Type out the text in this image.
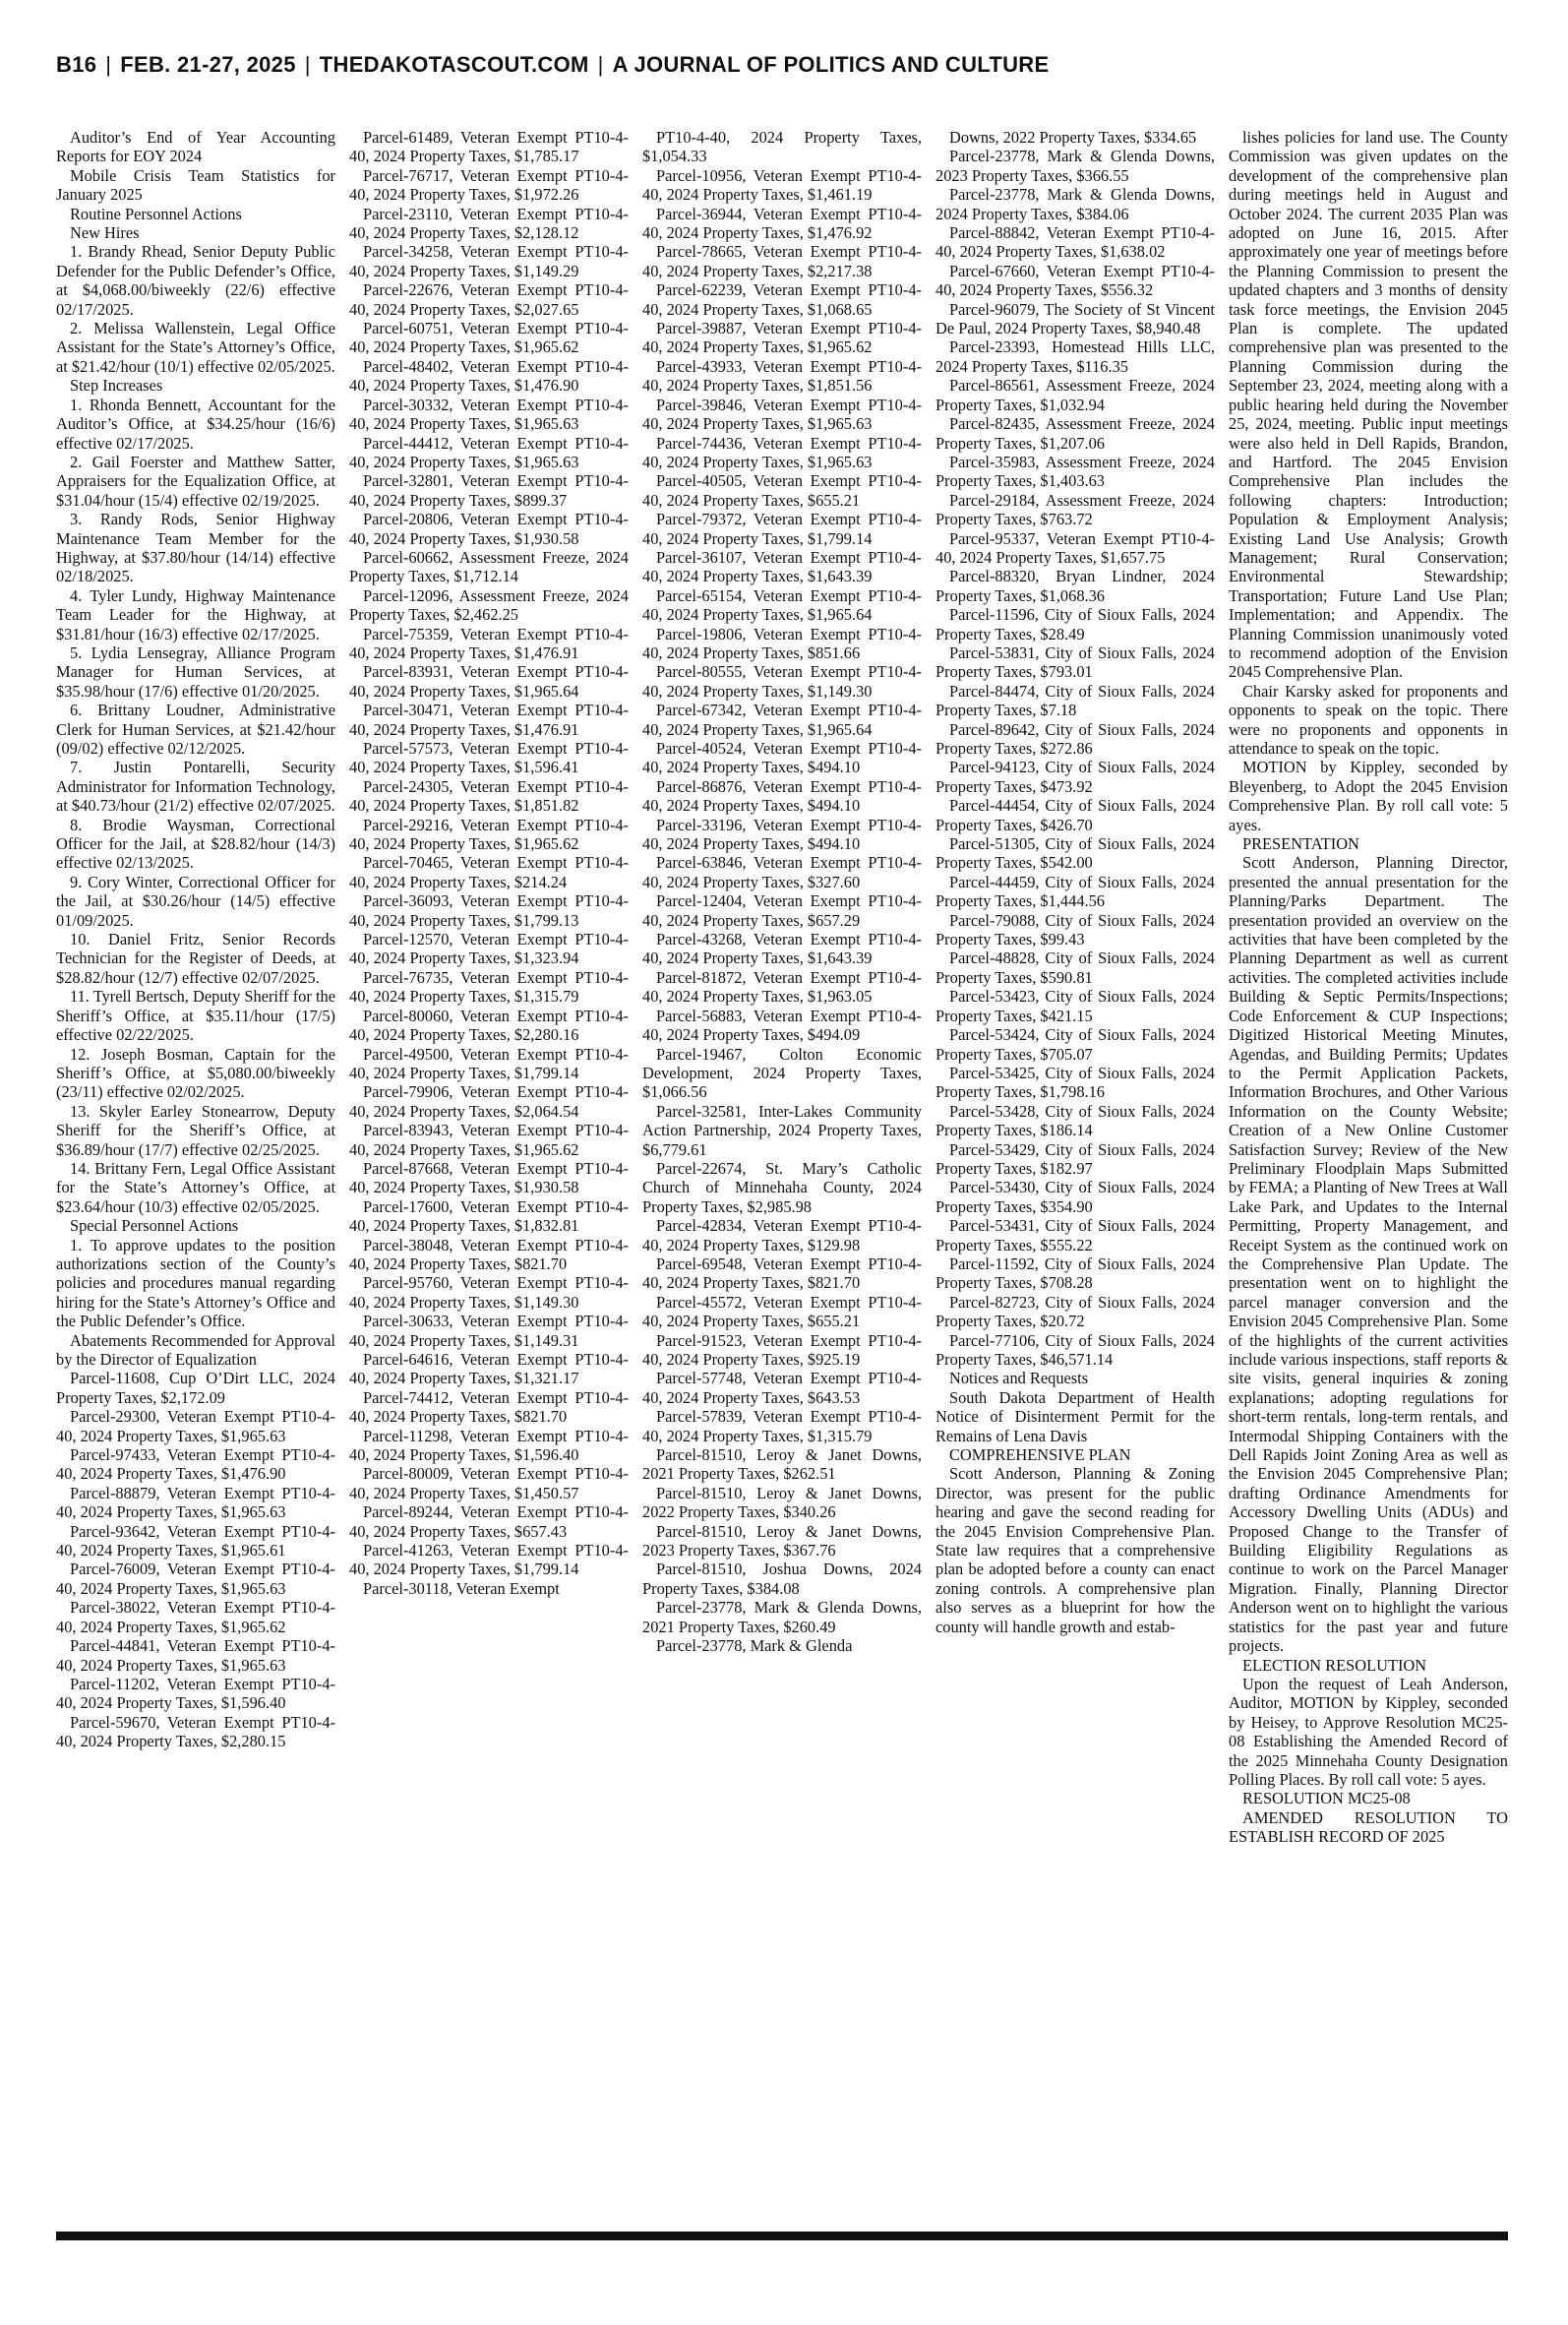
B16 | FEB. 21-27, 2025 | THEDAKOTASCOUT.COM | A JOURNAL OF POLITICS AND CULTURE

Auditor’s End of Year Accounting Reports for EOY 2024

Mobile Crisis Team Statistics for January 2025

Routine Personnel Actions

New Hires

1. Brandy Rhead, Senior Deputy Public Defender for the Public Defender’s Office, at $4,068.00/biweekly (22/6) effective 02/17/2025.

2. Melissa Wallenstein, Legal Office Assistant for the State’s Attorney’s Office, at $21.42/hour (10/1) effective 02/05/2025.

Step Increases

1. Rhonda Bennett, Accountant for the Auditor’s Office, at $34.25/hour (16/6) effective 02/17/2025.

2. Gail Foerster and Matthew Satter, Appraisers for the Equalization Office, at $31.04/hour (15/4) effective 02/19/2025.

3. Randy Rods, Senior Highway Maintenance Team Member for the Highway, at $37.80/hour (14/14) effective 02/18/2025.

4. Tyler Lundy, Highway Maintenance Team Leader for the Highway, at $31.81/hour (16/3) effective 02/17/2025.

5. Lydia Lensegray, Alliance Program Manager for Human Services, at $35.98/hour (17/6) effective 01/20/2025.

6. Brittany Loudner, Administrative Clerk for Human Services, at $21.42/hour (09/02) effective 02/12/2025.

7. Justin Pontarelli, Security Administrator for Information Technology, at $40.73/hour (21/2) effective 02/07/2025.

8. Brodie Waysman, Correctional Officer for the Jail, at $28.82/hour (14/3) effective 02/13/2025.

9. Cory Winter, Correctional Officer for the Jail, at $30.26/hour (14/5) effective 01/09/2025.

10. Daniel Fritz, Senior Records Technician for the Register of Deeds, at $28.82/hour (12/7) effective 02/07/2025.

11. Tyrell Bertsch, Deputy Sheriff for the Sheriff’s Office, at $35.11/hour (17/5) effective 02/22/2025.

12. Joseph Bosman, Captain for the Sheriff’s Office, at $5,080.00/biweekly (23/11) effective 02/02/2025.

13. Skyler Earley Stonearrow, Deputy Sheriff for the Sheriff’s Office, at $36.89/hour (17/7) effective 02/25/2025.

14. Brittany Fern, Legal Office Assistant for the State’s Attorney’s Office, at $23.64/hour (10/3) effective 02/05/2025.

Special Personnel Actions

1. To approve updates to the position authorizations section of the County’s policies and procedures manual regarding hiring for the State’s Attorney’s Office and the Public Defender’s Office.

Abatements Recommended for Approval by the Director of Equalization

Parcel-11608, Cup O’Dirt LLC, 2024 Property Taxes, $2,172.09

Parcel-29300, Veteran Exempt PT10-4-40, 2024 Property Taxes, $1,965.63

Parcel-97433, Veteran Exempt PT10-4-40, 2024 Property Taxes, $1,476.90

Parcel-88879, Veteran Exempt PT10-4-40, 2024 Property Taxes, $1,965.63

Parcel-93642, Veteran Exempt PT10-4-40, 2024 Property Taxes, $1,965.61

Parcel-76009, Veteran Exempt PT10-4-40, 2024 Property Taxes, $1,965.63

Parcel-38022, Veteran Exempt PT10-4-40, 2024 Property Taxes, $1,965.62

Parcel-44841, Veteran Exempt PT10-4-40, 2024 Property Taxes, $1,965.63

Parcel-11202, Veteran Exempt PT10-4-40, 2024 Property Taxes, $1,596.40

Parcel-59670, Veteran Exempt PT10-4-40, 2024 Property Taxes, $2,280.15

Parcel-61489, Veteran Exempt PT10-4-40, 2024 Property Taxes, $1,785.17

Parcel-76717, Veteran Exempt PT10-4-40, 2024 Property Taxes, $1,972.26

Parcel-23110, Veteran Exempt PT10-4-40, 2024 Property Taxes, $2,128.12

Parcel-34258, Veteran Exempt PT10-4-40, 2024 Property Taxes, $1,149.29

Parcel-22676, Veteran Exempt PT10-4-40, 2024 Property Taxes, $2,027.65

Parcel-60751, Veteran Exempt PT10-4-40, 2024 Property Taxes, $1,965.62

Parcel-48402, Veteran Exempt PT10-4-40, 2024 Property Taxes, $1,476.90

Parcel-30332, Veteran Exempt PT10-4-40, 2024 Property Taxes, $1,965.63

Parcel-44412, Veteran Exempt PT10-4-40, 2024 Property Taxes, $1,965.63

Parcel-32801, Veteran Exempt PT10-4-40, 2024 Property Taxes, $899.37

Parcel-20806, Veteran Exempt PT10-4-40, 2024 Property Taxes, $1,930.58

Parcel-60662, Assessment Freeze, 2024 Property Taxes, $1,712.14

Parcel-12096, Assessment Freeze, 2024 Property Taxes, $2,462.25

Parcel-75359, Veteran Exempt PT10-4-40, 2024 Property Taxes, $1,476.91

Parcel-83931, Veteran Exempt PT10-4-40, 2024 Property Taxes, $1,965.64

Parcel-30471, Veteran Exempt PT10-4-40, 2024 Property Taxes, $1,476.91

Parcel-57573, Veteran Exempt PT10-4-40, 2024 Property Taxes, $1,596.41

Parcel-24305, Veteran Exempt PT10-4-40, 2024 Property Taxes, $1,851.82

Parcel-29216, Veteran Exempt PT10-4-40, 2024 Property Taxes, $1,965.62

Parcel-70465, Veteran Exempt PT10-4-40, 2024 Property Taxes, $214.24

Parcel-36093, Veteran Exempt PT10-4-40, 2024 Property Taxes, $1,799.13

Parcel-12570, Veteran Exempt PT10-4-40, 2024 Property Taxes, $1,323.94

Parcel-76735, Veteran Exempt PT10-4-40, 2024 Property Taxes, $1,315.79

Parcel-80060, Veteran Exempt PT10-4-40, 2024 Property Taxes, $2,280.16

Parcel-49500, Veteran Exempt PT10-4-40, 2024 Property Taxes, $1,799.14

Parcel-79906, Veteran Exempt PT10-4-40, 2024 Property Taxes, $2,064.54

Parcel-83943, Veteran Exempt PT10-4-40, 2024 Property Taxes, $1,965.62

Parcel-87668, Veteran Exempt PT10-4-40, 2024 Property Taxes, $1,930.58

Parcel-17600, Veteran Exempt PT10-4-40, 2024 Property Taxes, $1,832.81

Parcel-38048, Veteran Exempt PT10-4-40, 2024 Property Taxes, $821.70

Parcel-95760, Veteran Exempt PT10-4-40, 2024 Property Taxes, $1,149.30

Parcel-30633, Veteran Exempt PT10-4-40, 2024 Property Taxes, $1,149.31

Parcel-64616, Veteran Exempt PT10-4-40, 2024 Property Taxes, $1,321.17

Parcel-74412, Veteran Exempt PT10-4-40, 2024 Property Taxes, $821.70

Parcel-11298, Veteran Exempt PT10-4-40, 2024 Property Taxes, $1,596.40

Parcel-80009, Veteran Exempt PT10-4-40, 2024 Property Taxes, $1,450.57

Parcel-89244, Veteran Exempt PT10-4-40, 2024 Property Taxes, $657.43

Parcel-41263, Veteran Exempt PT10-4-40, 2024 Property Taxes, $1,799.14

Parcel-30118, Veteran Exempt

PT10-4-40, 2024 Property Taxes, $1,054.33

Parcel-10956, Veteran Exempt PT10-4-40, 2024 Property Taxes, $1,461.19

Parcel-36944, Veteran Exempt PT10-4-40, 2024 Property Taxes, $1,476.92

Parcel-78665, Veteran Exempt PT10-4-40, 2024 Property Taxes, $2,217.38

Parcel-62239, Veteran Exempt PT10-4-40, 2024 Property Taxes, $1,068.65

Parcel-39887, Veteran Exempt PT10-4-40, 2024 Property Taxes, $1,965.62

Parcel-43933, Veteran Exempt PT10-4-40, 2024 Property Taxes, $1,851.56

Parcel-39846, Veteran Exempt PT10-4-40, 2024 Property Taxes, $1,965.63

Parcel-74436, Veteran Exempt PT10-4-40, 2024 Property Taxes, $1,965.63

Parcel-40505, Veteran Exempt PT10-4-40, 2024 Property Taxes, $655.21

Parcel-79372, Veteran Exempt PT10-4-40, 2024 Property Taxes, $1,799.14

Parcel-36107, Veteran Exempt PT10-4-40, 2024 Property Taxes, $1,643.39

Parcel-65154, Veteran Exempt PT10-4-40, 2024 Property Taxes, $1,965.64

Parcel-19806, Veteran Exempt PT10-4-40, 2024 Property Taxes, $851.66

Parcel-80555, Veteran Exempt PT10-4-40, 2024 Property Taxes, $1,149.30

Parcel-67342, Veteran Exempt PT10-4-40, 2024 Property Taxes, $1,965.64

Parcel-40524, Veteran Exempt PT10-4-40, 2024 Property Taxes, $494.10

Parcel-86876, Veteran Exempt PT10-4-40, 2024 Property Taxes, $494.10

Parcel-33196, Veteran Exempt PT10-4-40, 2024 Property Taxes, $494.10

Parcel-63846, Veteran Exempt PT10-4-40, 2024 Property Taxes, $327.60

Parcel-12404, Veteran Exempt PT10-4-40, 2024 Property Taxes, $657.29

Parcel-43268, Veteran Exempt PT10-4-40, 2024 Property Taxes, $1,643.39

Parcel-81872, Veteran Exempt PT10-4-40, 2024 Property Taxes, $1,963.05

Parcel-56883, Veteran Exempt PT10-4-40, 2024 Property Taxes, $494.09

Parcel-19467, Colton Economic Development, 2024 Property Taxes, $1,066.56

Parcel-32581, Inter-Lakes Community Action Partnership, 2024 Property Taxes, $6,779.61

Parcel-22674, St. Mary’s Catholic Church of Minnehaha County, 2024 Property Taxes, $2,985.98

Parcel-42834, Veteran Exempt PT10-4-40, 2024 Property Taxes, $129.98

Parcel-69548, Veteran Exempt PT10-4-40, 2024 Property Taxes, $821.70

Parcel-45572, Veteran Exempt PT10-4-40, 2024 Property Taxes, $655.21

Parcel-91523, Veteran Exempt PT10-4-40, 2024 Property Taxes, $925.19

Parcel-57748, Veteran Exempt PT10-4-40, 2024 Property Taxes, $643.53

Parcel-57839, Veteran Exempt PT10-4-40, 2024 Property Taxes, $1,315.79

Parcel-81510, Leroy & Janet Downs, 2021 Property Taxes, $262.51

Parcel-81510, Leroy & Janet Downs, 2022 Property Taxes, $340.26

Parcel-81510, Leroy & Janet Downs, 2023 Property Taxes, $367.76

Parcel-81510, Joshua Downs, 2024 Property Taxes, $384.08

Parcel-23778, Mark & Glenda Downs, 2021 Property Taxes, $260.49

Parcel-23778, Mark & Glenda

Downs, 2022 Property Taxes, $334.65

Parcel-23778, Mark & Glenda Downs, 2023 Property Taxes, $366.55

Parcel-23778, Mark & Glenda Downs, 2024 Property Taxes, $384.06

Parcel-88842, Veteran Exempt PT10-4-40, 2024 Property Taxes, $1,638.02

Parcel-67660, Veteran Exempt PT10-4-40, 2024 Property Taxes, $556.32

Parcel-96079, The Society of St Vincent De Paul, 2024 Property Taxes, $8,940.48

Parcel-23393, Homestead Hills LLC, 2024 Property Taxes, $116.35

Parcel-86561, Assessment Freeze, 2024 Property Taxes, $1,032.94

Parcel-82435, Assessment Freeze, 2024 Property Taxes, $1,207.06

Parcel-35983, Assessment Freeze, 2024 Property Taxes, $1,403.63

Parcel-29184, Assessment Freeze, 2024 Property Taxes, $763.72

Parcel-95337, Veteran Exempt PT10-4-40, 2024 Property Taxes, $1,657.75

Parcel-88320, Bryan Lindner, 2024 Property Taxes, $1,068.36

Parcel-11596, City of Sioux Falls, 2024 Property Taxes, $28.49

Parcel-53831, City of Sioux Falls, 2024 Property Taxes, $793.01

Parcel-84474, City of Sioux Falls, 2024 Property Taxes, $7.18

Parcel-89642, City of Sioux Falls, 2024 Property Taxes, $272.86

Parcel-94123, City of Sioux Falls, 2024 Property Taxes, $473.92

Parcel-44454, City of Sioux Falls, 2024 Property Taxes, $426.70

Parcel-51305, City of Sioux Falls, 2024 Property Taxes, $542.00

Parcel-44459, City of Sioux Falls, 2024 Property Taxes, $1,444.56

Parcel-79088, City of Sioux Falls, 2024 Property Taxes, $99.43

Parcel-48828, City of Sioux Falls, 2024 Property Taxes, $590.81

Parcel-53423, City of Sioux Falls, 2024 Property Taxes, $421.15

Parcel-53424, City of Sioux Falls, 2024 Property Taxes, $705.07

Parcel-53425, City of Sioux Falls, 2024 Property Taxes, $1,798.16

Parcel-53428, City of Sioux Falls, 2024 Property Taxes, $186.14

Parcel-53429, City of Sioux Falls, 2024 Property Taxes, $182.97

Parcel-53430, City of Sioux Falls, 2024 Property Taxes, $354.90

Parcel-53431, City of Sioux Falls, 2024 Property Taxes, $555.22

Parcel-11592, City of Sioux Falls, 2024 Property Taxes, $708.28

Parcel-82723, City of Sioux Falls, 2024 Property Taxes, $20.72

Parcel-77106, City of Sioux Falls, 2024 Property Taxes, $46,571.14

Notices and Requests

South Dakota Department of Health Notice of Disinterment Permit for the Remains of Lena Davis

COMPREHENSIVE PLAN

Scott Anderson, Planning & Zoning Director, was present for the public hearing and gave the second reading for the 2045 Envision Comprehensive Plan. State law requires that a comprehensive plan be adopted before a county can enact zoning controls. A comprehensive plan also serves as a blueprint for how the county will handle growth and estab-

lishes policies for land use. The County Commission was given updates on the development of the comprehensive plan during meetings held in August and October 2024. The current 2035 Plan was adopted on June 16, 2015. After approximately one year of meetings before the Planning Commission to present the updated chapters and 3 months of density task force meetings, the Envision 2045 Plan is complete. The updated comprehensive plan was presented to the Planning Commission during the September 23, 2024, meeting along with a public hearing held during the November 25, 2024, meeting. Public input meetings were also held in Dell Rapids, Brandon, and Hartford. The 2045 Envision Comprehensive Plan includes the following chapters: Introduction; Population & Employment Analysis; Existing Land Use Analysis; Growth Management; Rural Conservation; Environmental Stewardship; Transportation; Future Land Use Plan; Implementation; and Appendix. The Planning Commission unanimously voted to recommend adoption of the Envision 2045 Comprehensive Plan.

Chair Karsky asked for proponents and opponents to speak on the topic. There were no proponents and opponents in attendance to speak on the topic.

MOTION by Kippley, seconded by Bleyenberg, to Adopt the 2045 Envision Comprehensive Plan. By roll call vote: 5 ayes.

PRESENTATION

Scott Anderson, Planning Director, presented the annual presentation for the Planning/Parks Department. The presentation provided an overview on the activities that have been completed by the Planning Department as well as current activities. The completed activities include Building & Septic Permits/Inspections; Code Enforcement & CUP Inspections; Digitized Historical Meeting Minutes, Agendas, and Building Permits; Updates to the Permit Application Packets, Information Brochures, and Other Various Information on the County Website; Creation of a New Online Customer Satisfaction Survey; Review of the New Preliminary Floodplain Maps Submitted by FEMA; a Planting of New Trees at Wall Lake Park, and Updates to the Internal Permitting, Property Management, and Receipt System as the continued work on the Comprehensive Plan Update. The presentation went on to highlight the parcel manager conversion and the Envision 2045 Comprehensive Plan. Some of the highlights of the current activities include various inspections, staff reports & site visits, general inquiries & zoning explanations; adopting regulations for short-term rentals, long-term rentals, and Intermodal Shipping Containers with the Dell Rapids Joint Zoning Area as well as the Envision 2045 Comprehensive Plan; drafting Ordinance Amendments for Accessory Dwelling Units (ADUs) and Proposed Change to the Transfer of Building Eligibility Regulations as continue to work on the Parcel Manager Migration. Finally, Planning Director Anderson went on to highlight the various statistics for the past year and future projects.

ELECTION RESOLUTION

Upon the request of Leah Anderson, Auditor, MOTION by Kippley, seconded by Heisey, to Approve Resolution MC25-08 Establishing the Amended Record of the 2025 Minnehaha County Designation Polling Places. By roll call vote: 5 ayes.

RESOLUTION MC25-08

AMENDED RESOLUTION TO ESTABLISH RECORD OF 2025
